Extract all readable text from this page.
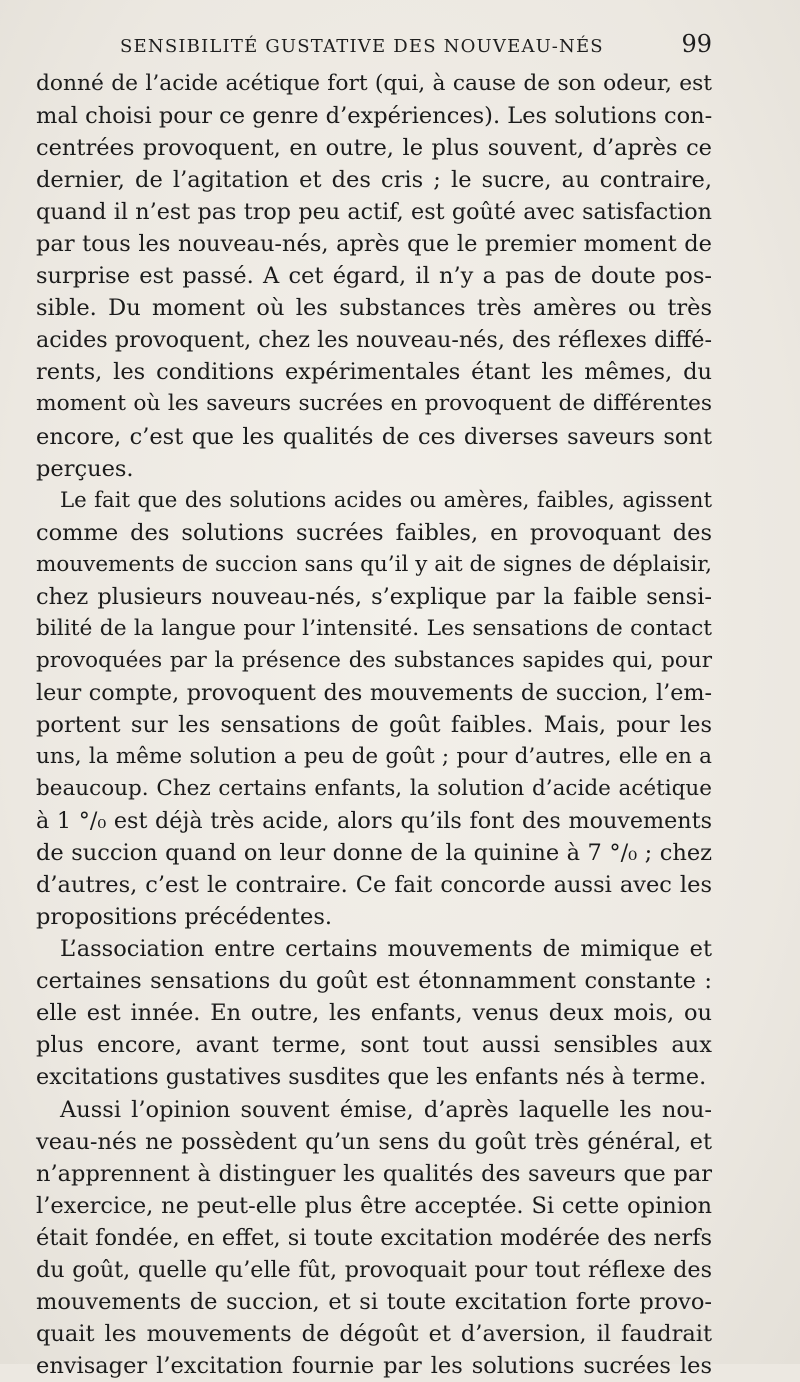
SENSIBILITÉ GUSTATIVE DES NOUVEAU-NÉS	99
donné de l’acide acétique fort (qui, à cause de son odeur, est
mal choisi pour ce genre d’expériences). Les solutions con-
centrées provoquent, en outre, le plus souvent, d’après ce
dernier, de l’agitation et des cris ; le sucre, au contraire,
quand il n’est pas trop peu actif, est goûté avec satisfaction
par tous les nouveau-nés, après que le premier moment de
surprise est passé. A cet égard, il n’y a pas de doute pos-
sible. Du moment où les substances très amères ou très
acides provoquent, chez les nouveau-nés, des réflexes diffé-
rents, les conditions expérimentales étant les mêmes, du
moment où les saveurs sucrées en provoquent de différentes
encore, c’est que les qualités de ces diverses saveurs sont
perçues.
Le fait que des solutions acides ou amères, faibles, agissent
comme des solutions sucrées faibles, en provoquant des
mouvements de succion sans qu’il y ait de signes de déplaisir,
chez plusieurs nouveau-nés, s’explique par la faible sensi-
bilité de la langue pour l’intensité. Les sensations de contact
provoquées par la présence des substances sapides qui, pour
leur compte, provoquent des mouvements de succion, l’em-
portent sur les sensations de goût faibles. Mais, pour les
uns, la même solution a peu de goût ; pour d’autres, elle en a
beaucoup. Chez certains enfants, la solution d’acide acétique
à 1 °/₀ est déjà très acide, alors qu’ils font des mouvements
de succion quand on leur donne de la quinine à 7 °/₀ ; chez
d’autres, c’est le contraire. Ce fait concorde aussi avec les
propositions précédentes.
L’association entre certains mouvements de mimique et
certaines sensations du goût est étonnamment constante :
elle est innée. En outre, les enfants, venus deux mois, ou
plus encore, avant terme, sont tout aussi sensibles aux
excitations gustatives susdites que les enfants nés à terme.
Aussi l’opinion souvent émise, d’après laquelle les nou-
veau-nés ne possèdent qu’un sens du goût très général, et
n’apprennent à distinguer les qualités des saveurs que par
l’exercice, ne peut-elle plus être acceptée. Si cette opinion
était fondée, en effet, si toute excitation modérée des nerfs
du goût, quelle qu’elle fût, provoquait pour tout réflexe des
mouvements de succion, et si toute excitation forte provo-
quait les mouvements de dégoût et d’aversion, il faudrait
envisager l’excitation fournie par les solutions sucrées les
